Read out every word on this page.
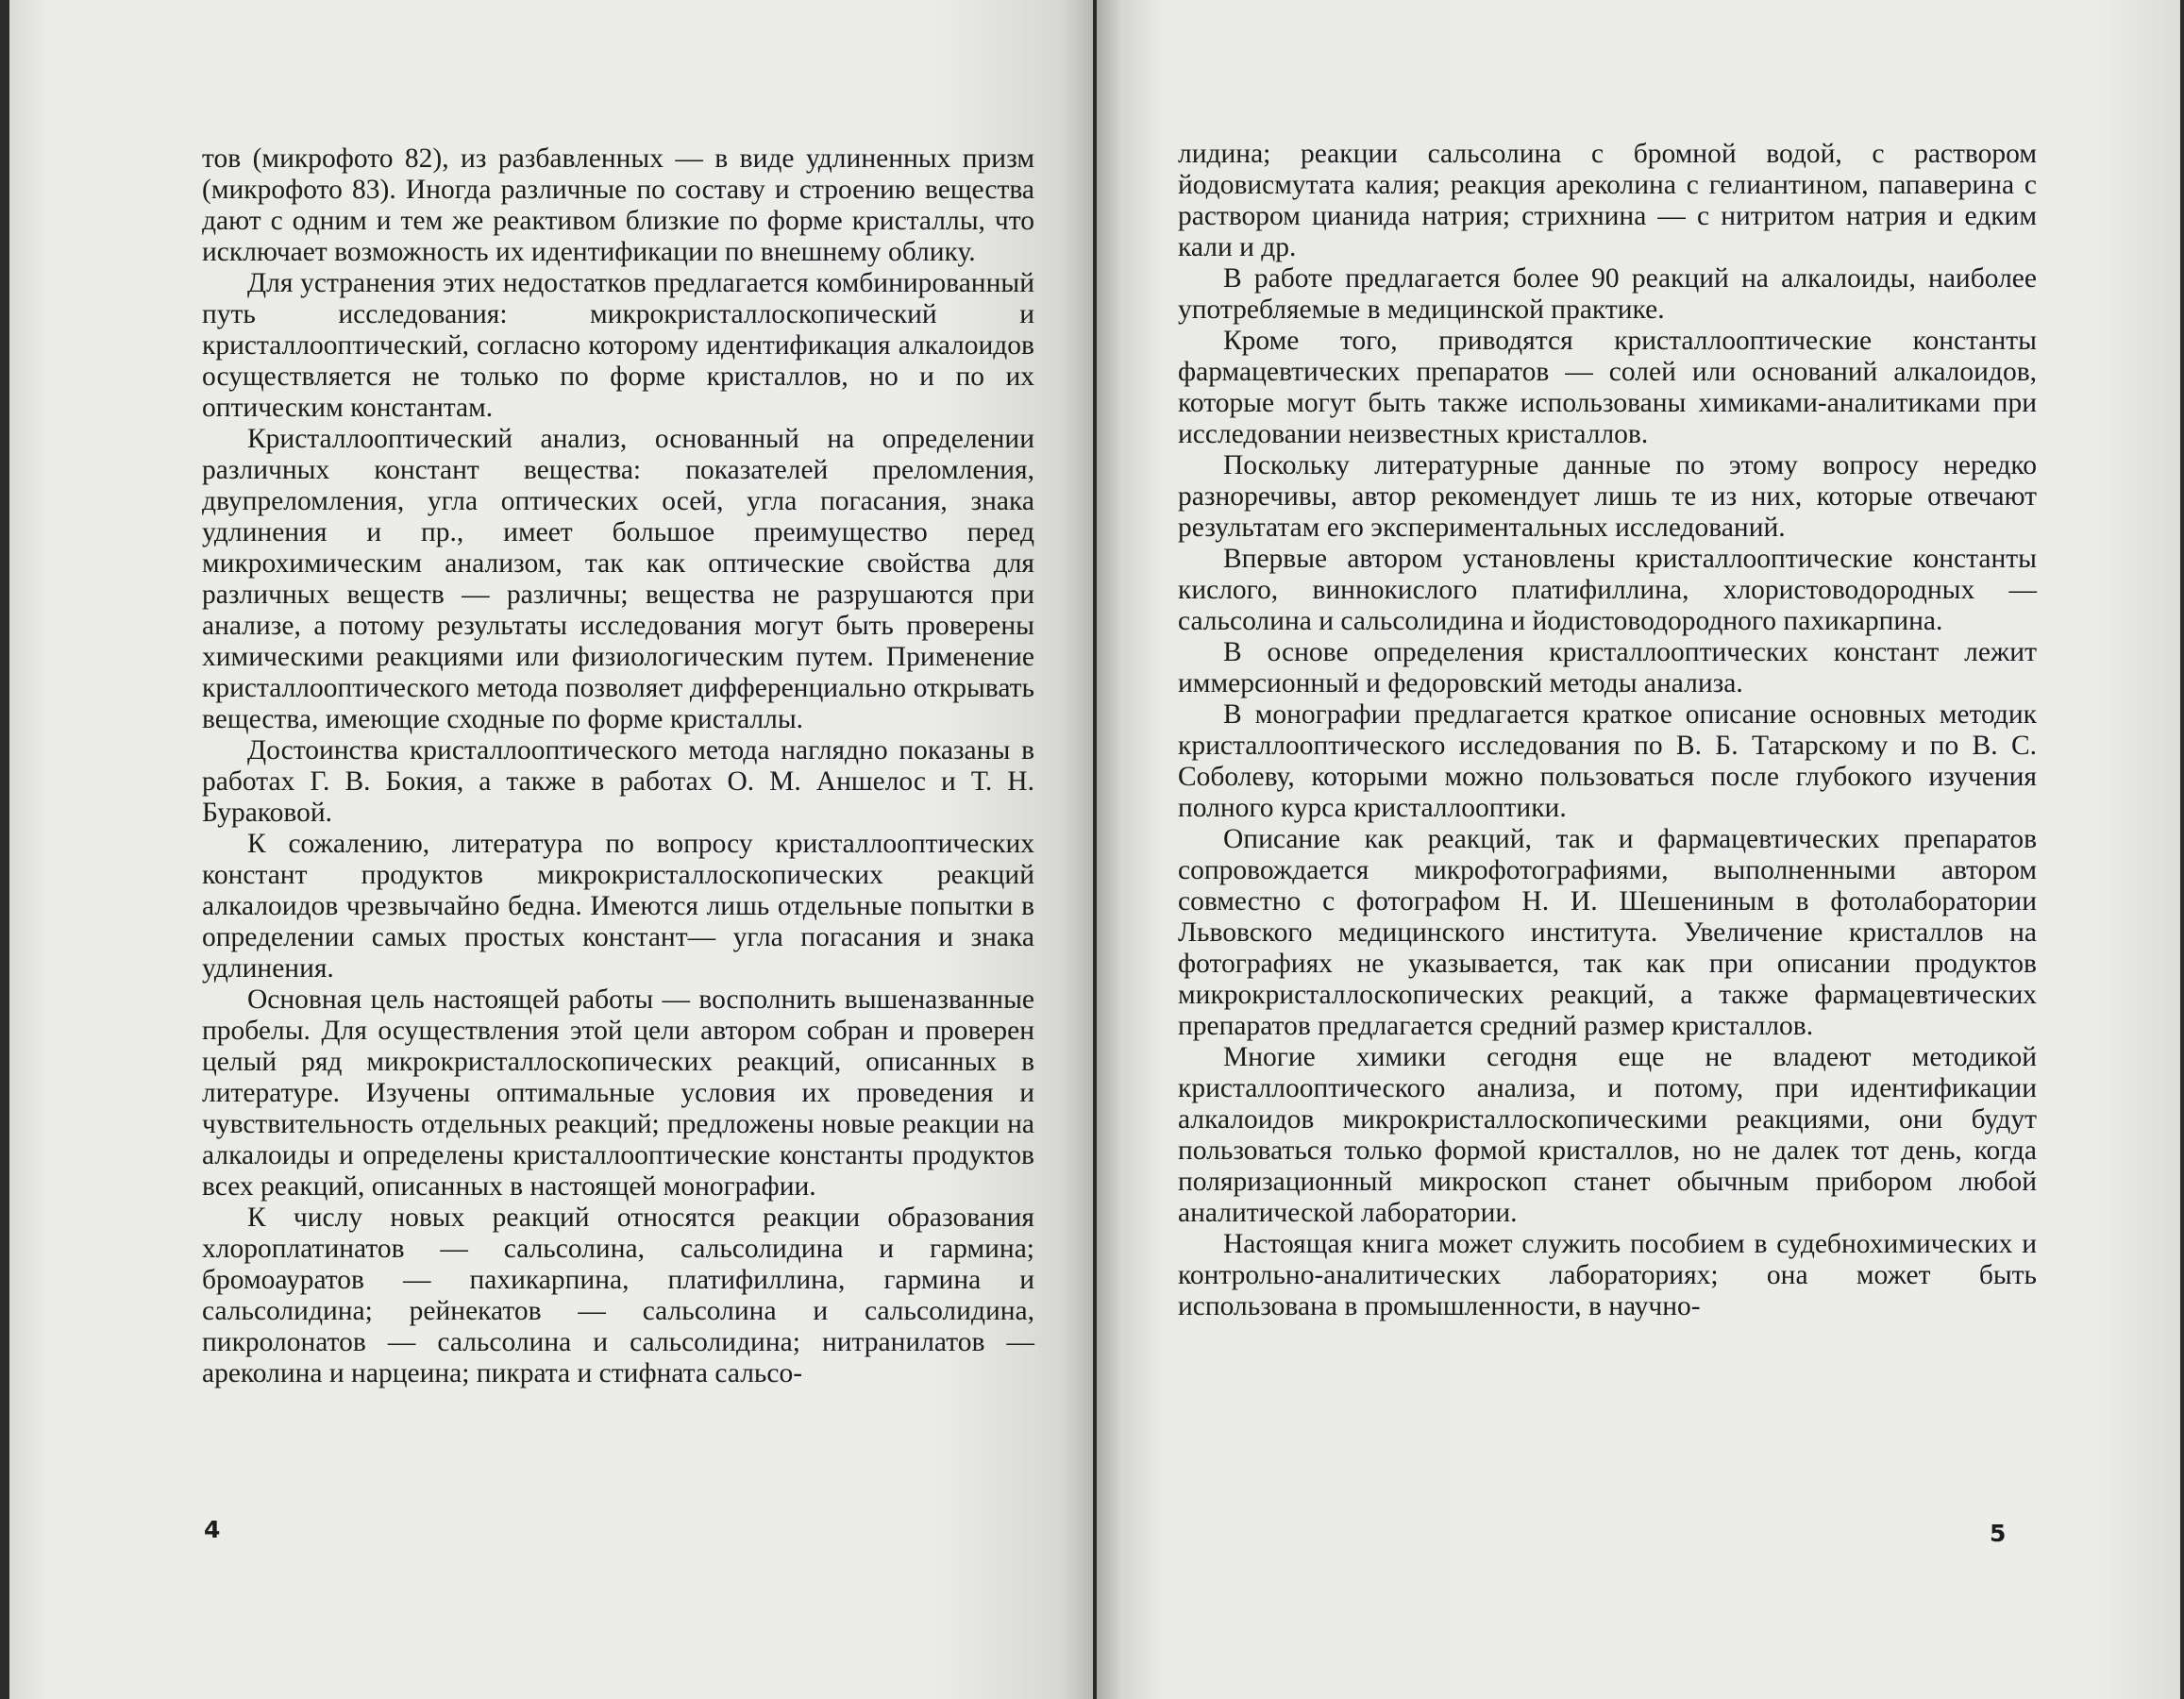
тов (микрофото 82), из разбавленных — в виде удлиненных призм (микрофото 83). Иногда различные по составу и строению вещества дают с одним и тем же реактивом близкие по форме кристаллы, что исключает возможность их идентификации по внешнему облику.

Для устранения этих недостатков предлагается комбинированный путь исследования: микрокристаллоскопический и кристаллооптический, согласно которому идентификация алкалоидов осуществляется не только по форме кристаллов, но и по их оптическим константам.

Кристаллооптический анализ, основанный на определении различных констант вещества: показателей преломления, двупреломления, угла оптических осей, угла погасания, знака удлинения и пр., имеет большое преимущество перед микрохимическим анализом, так как оптические свойства для различных веществ — различны; вещества не разрушаются при анализе, а потому результаты исследования могут быть проверены химическими реакциями или физиологическим путем. Применение кристаллооптического метода позволяет дифференциально открывать вещества, имеющие сходные по форме кристаллы.

Достоинства кристаллооптического метода наглядно показаны в работах Г. В. Бокия, а также в работах О. М. Аншелос и Т. Н. Бураковой.

К сожалению, литература по вопросу кристаллооптических констант продуктов микрокристаллоскопических реакций алкалоидов чрезвычайно бедна. Имеются лишь отдельные попытки в определении самых простых констант— угла погасания и знака удлинения.

Основная цель настоящей работы — восполнить вышеназванные пробелы. Для осуществления этой цели автором собран и проверен целый ряд микрокристаллоскопических реакций, описанных в литературе. Изучены оптимальные условия их проведения и чувствительность отдельных реакций; предложены новые реакции на алкалоиды и определены кристаллооптические константы продуктов всех реакций, описанных в настоящей монографии.

К числу новых реакций относятся реакции образования хлороплатинатов — сальсолина, сальсолидина и гармина; бромоауратов — пахикарпина, платифиллина, гармина и сальсолидина; рейнекатов — сальсолина и сальсолидина, пикролонатов — сальсолина и сальсолидина; нитранилатов — ареколина и нарцеина; пикрата и стифната сальсо-

4

лидина; реакции сальсолина с бромной водой, с раствором йодовисмутата калия; реакция ареколина с гелиантином, папаверина с раствором цианида натрия; стрихнина — с нитритом натрия и едким кали и др.

В работе предлагается более 90 реакций на алкалоиды, наиболее употребляемые в медицинской практике.

Кроме того, приводятся кристаллооптические константы фармацевтических препаратов — солей или оснований алкалоидов, которые могут быть также использованы химиками-аналитиками при исследовании неизвестных кристаллов.

Поскольку литературные данные по этому вопросу нередко разноречивы, автор рекомендует лишь те из них, которые отвечают результатам его экспериментальных исследований.

Впервые автором установлены кристаллооптические константы кислого, виннокислого платифиллина, хлористоводородных — сальсолина и сальсолидина и йодистоводородного пахикарпина.

В основе определения кристаллооптических констант лежит иммерсионный и федоровский методы анализа.

В монографии предлагается краткое описание основных методик кристаллооптического исследования по В. Б. Татарскому и по В. С. Соболеву, которыми можно пользоваться после глубокого изучения полного курса кристаллооптики.

Описание как реакций, так и фармацевтических препаратов сопровождается микрофотографиями, выполненными автором совместно с фотографом Н. И. Шешениным в фотолаборатории Львовского медицинского института. Увеличение кристаллов на фотографиях не указывается, так как при описании продуктов микрокристаллоскопических реакций, а также фармацевтических препаратов предлагается средний размер кристаллов.

Многие химики сегодня еще не владеют методикой кристаллооптического анализа, и потому, при идентификации алкалоидов микрокристаллоскопическими реакциями, они будут пользоваться только формой кристаллов, но не далек тот день, когда поляризационный микроскоп станет обычным прибором любой аналитической лаборатории.

Настоящая книга может служить пособием в судебнохимических и контрольно-аналитических лабораториях; она может быть использована в промышленности, в научно-

5
